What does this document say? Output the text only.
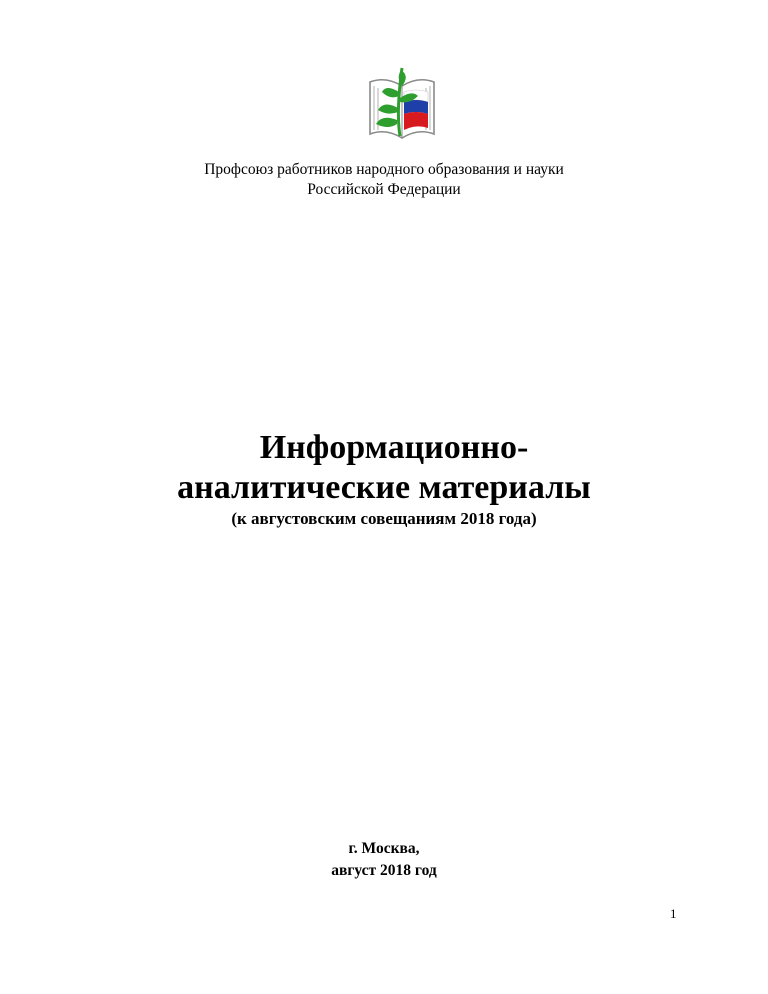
Профсоюз работников народного образования и науки
Российской Федерации
Информационно-
аналитические материалы
(к августовским совещаниям 2018 года)
г. Москва,
август 2018 год
1
